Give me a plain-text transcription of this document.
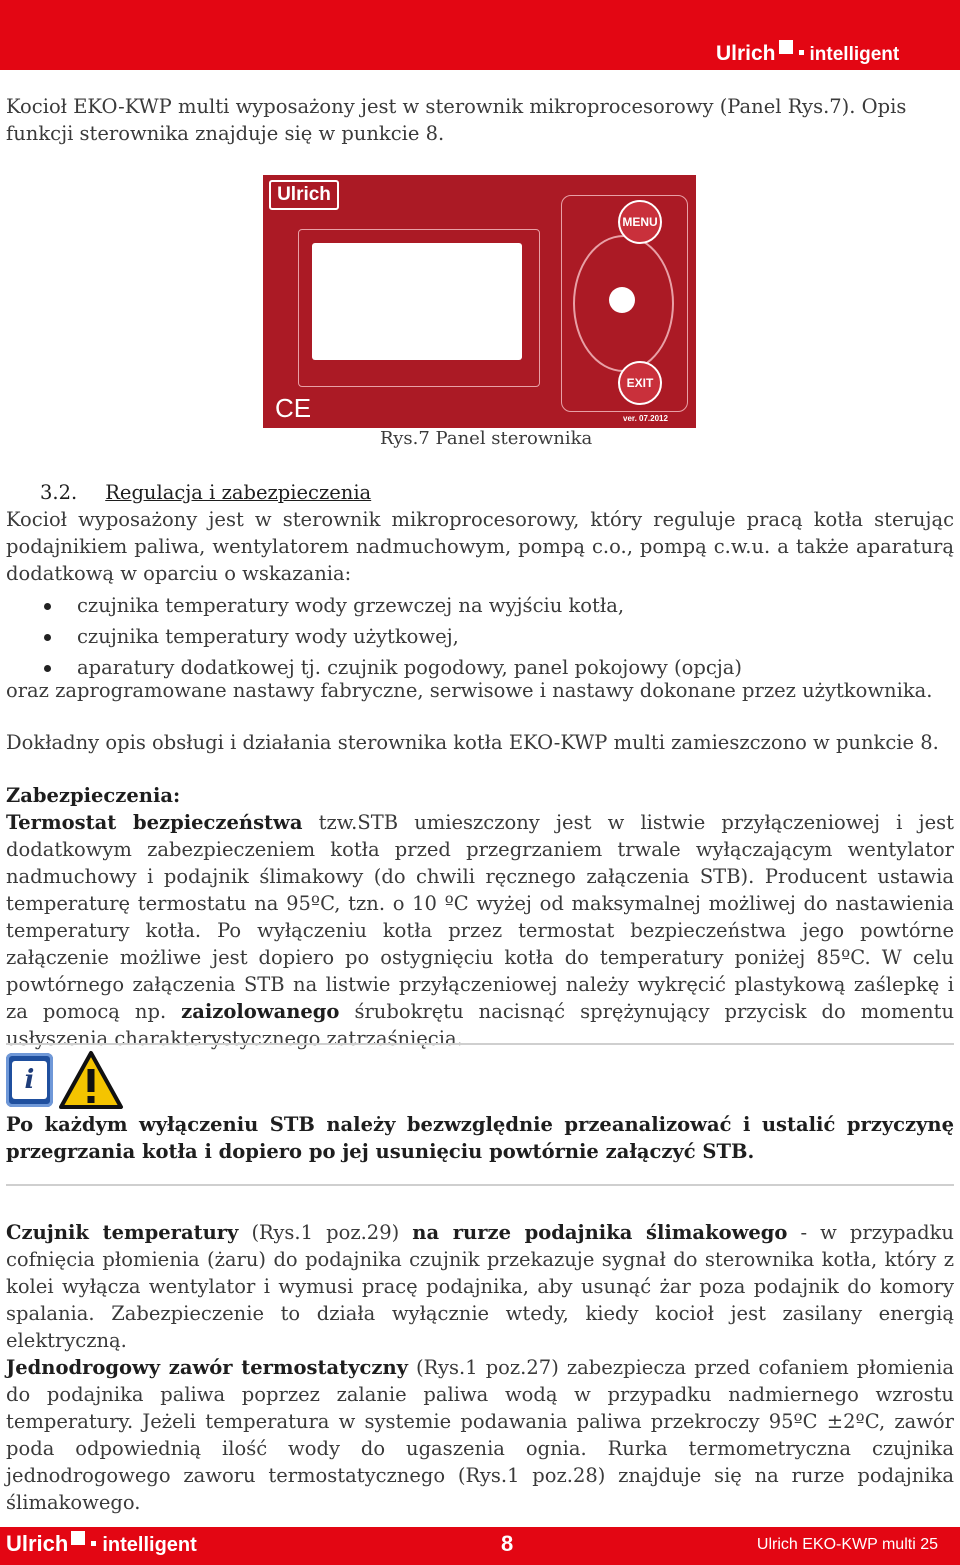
Ulrich intelligent
Kocioł EKO-KWP multi wyposażony jest w sterownik mikroprocesorowy (Panel Rys.7). Opis funkcji sterownika znajduje się w punkcie 8.
Ulrich
MENU
EXIT
CE	ver. 07.2012
Rys.7 Panel sterownika
3.2. Regulacja i zabezpieczenia
Kocioł wyposażony jest w sterownik mikroprocesorowy, który reguluje pracą kotła sterując
podajnikiem paliwa, wentylatorem nadmuchowym, pompą c.o., pompą c.w.u. a także aparaturą
dodatkową w oparciu o wskazania:
czujnika temperatury wody grzewczej na wyjściu kotła,
czujnika temperatury wody użytkowej,
aparatury dodatkowej tj. czujnik pogodowy, panel pokojowy (opcja)
oraz zaprogramowane nastawy fabryczne, serwisowe i nastawy dokonane przez użytkownika.
Dokładny opis obsługi i działania sterownika kotła EKO-KWP multi zamieszczono w punkcie 8.
Zabezpieczenia:
Termostat bezpieczeństwa tzw.STB umieszczony jest w listwie przyłączeniowej i jest dodatkowym zabezpieczeniem kotła przed przegrzaniem trwale wyłączającym wentylator nadmuchowy i podajnik ślimakowy (do chwili ręcznego załączenia STB). Producent ustawia temperaturę termostatu na 95ºC, tzn. o 10 ºC wyżej od maksymalnej możliwej do nastawienia temperatury kotła. Po wyłączeniu kotła przez termostat bezpieczeństwa jego powtórne załączenie możliwe jest dopiero po ostygnięciu kotła do temperatury poniżej 85ºC. W celu powtórnego załączenia STB na listwie przyłączeniowej należy wykręcić plastykową zaślepkę i za pomocą np. zaizolowanego śrubokrętu nacisnąć sprężynujący przycisk do momentu usłyszenia charakterystycznego zatrzaśnięcia.
i
Po każdym wyłączeniu STB należy bezwzględnie przeanalizować i ustalić przyczynę przegrzania kotła i dopiero po jej usunięciu powtórnie załączyć STB.
Czujnik temperatury (Rys.1 poz.29) na rurze podajnika ślimakowego - w przypadku cofnięcia płomienia (żaru) do podajnika czujnik przekazuje sygnał do sterownika kotła, który z kolei wyłącza wentylator i wymusi pracę podajnika, aby usunąć żar poza podajnik do komory spalania. Zabezpieczenie to działa wyłącznie wtedy, kiedy kocioł jest zasilany energią elektryczną.
Jednodrogowy zawór termostatyczny (Rys.1 poz.27) zabezpiecza przed cofaniem płomienia do podajnika paliwa poprzez zalanie paliwa wodą w przypadku nadmiernego wzrostu temperatury. Jeżeli temperatura w systemie podawania paliwa przekroczy 95ºC ±2ºC, zawór poda odpowiednią ilość wody do ugaszenia ognia. Rurka termometryczna czujnika jednodrogowego zaworu termostatycznego (Rys.1 poz.28) znajduje się na rurze podajnika ślimakowego.
Ulrich intelligent	8	Ulrich EKO-KWP multi 25
